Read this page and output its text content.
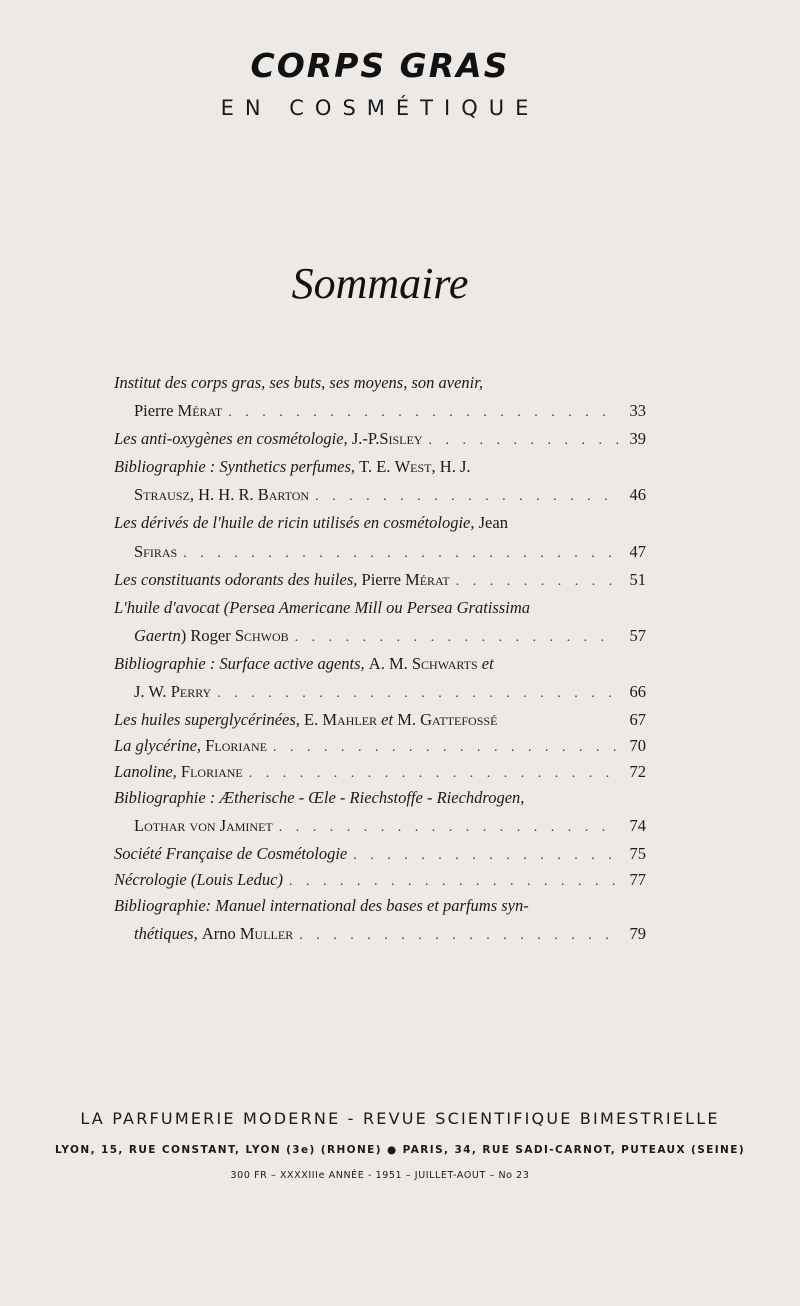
CORPS GRAS
EN COSMÉTIQUE
Sommaire
Institut des corps gras, ses buts, ses moyens, son avenir,
Pierre Mérat . . .	33
Les anti-oxygènes en cosmétologie, J.-P.Sisley . . .	39
Bibliographie : Synthetics perfumes, T. E. West, H. J.
Strausz, H. H. R. Barton . . .	46
Les dérivés de l'huile de ricin utilisés en cosmétologie, Jean
Sfiras . . .	47
Les constituants odorants des huiles, Pierre Mérat . . .	51
L'huile d'avocat (Persea Americane Mill ou Persea Gratissima
Gaertn) Roger Schwob . . .	57
Bibliographie : Surface active agents, A. M. Schwarts et
J. W. Perry . . .	66
Les huiles superglycérinées, E. Mahler et M. Gattefossé	67
La glycérine, Floriane . . .	70
Lanoline, Floriane . . .	72
Bibliographie : Ætherische - Œle - Riechstoffe - Riechdrogen,
Lothar von Jaminet . . .	74
Société Française de Cosmétologie . . .	75
Nécrologie (Louis Leduc) . . .	77
Bibliographie: Manuel international des bases et parfums syn-
thétiques, Arno Muller . . .	79
LA PARFUMERIE MODERNE - REVUE SCIENTIFIQUE BIMESTRIELLE
LYON, 15, RUE CONSTANT, LYON (3e) (RHONE) ● PARIS, 34, RUE SADI-CARNOT, PUTEAUX (SEINE)
300 FR – XXXXIIIe ANNÉE - 1951 – JUILLET-AOUT – No 23
